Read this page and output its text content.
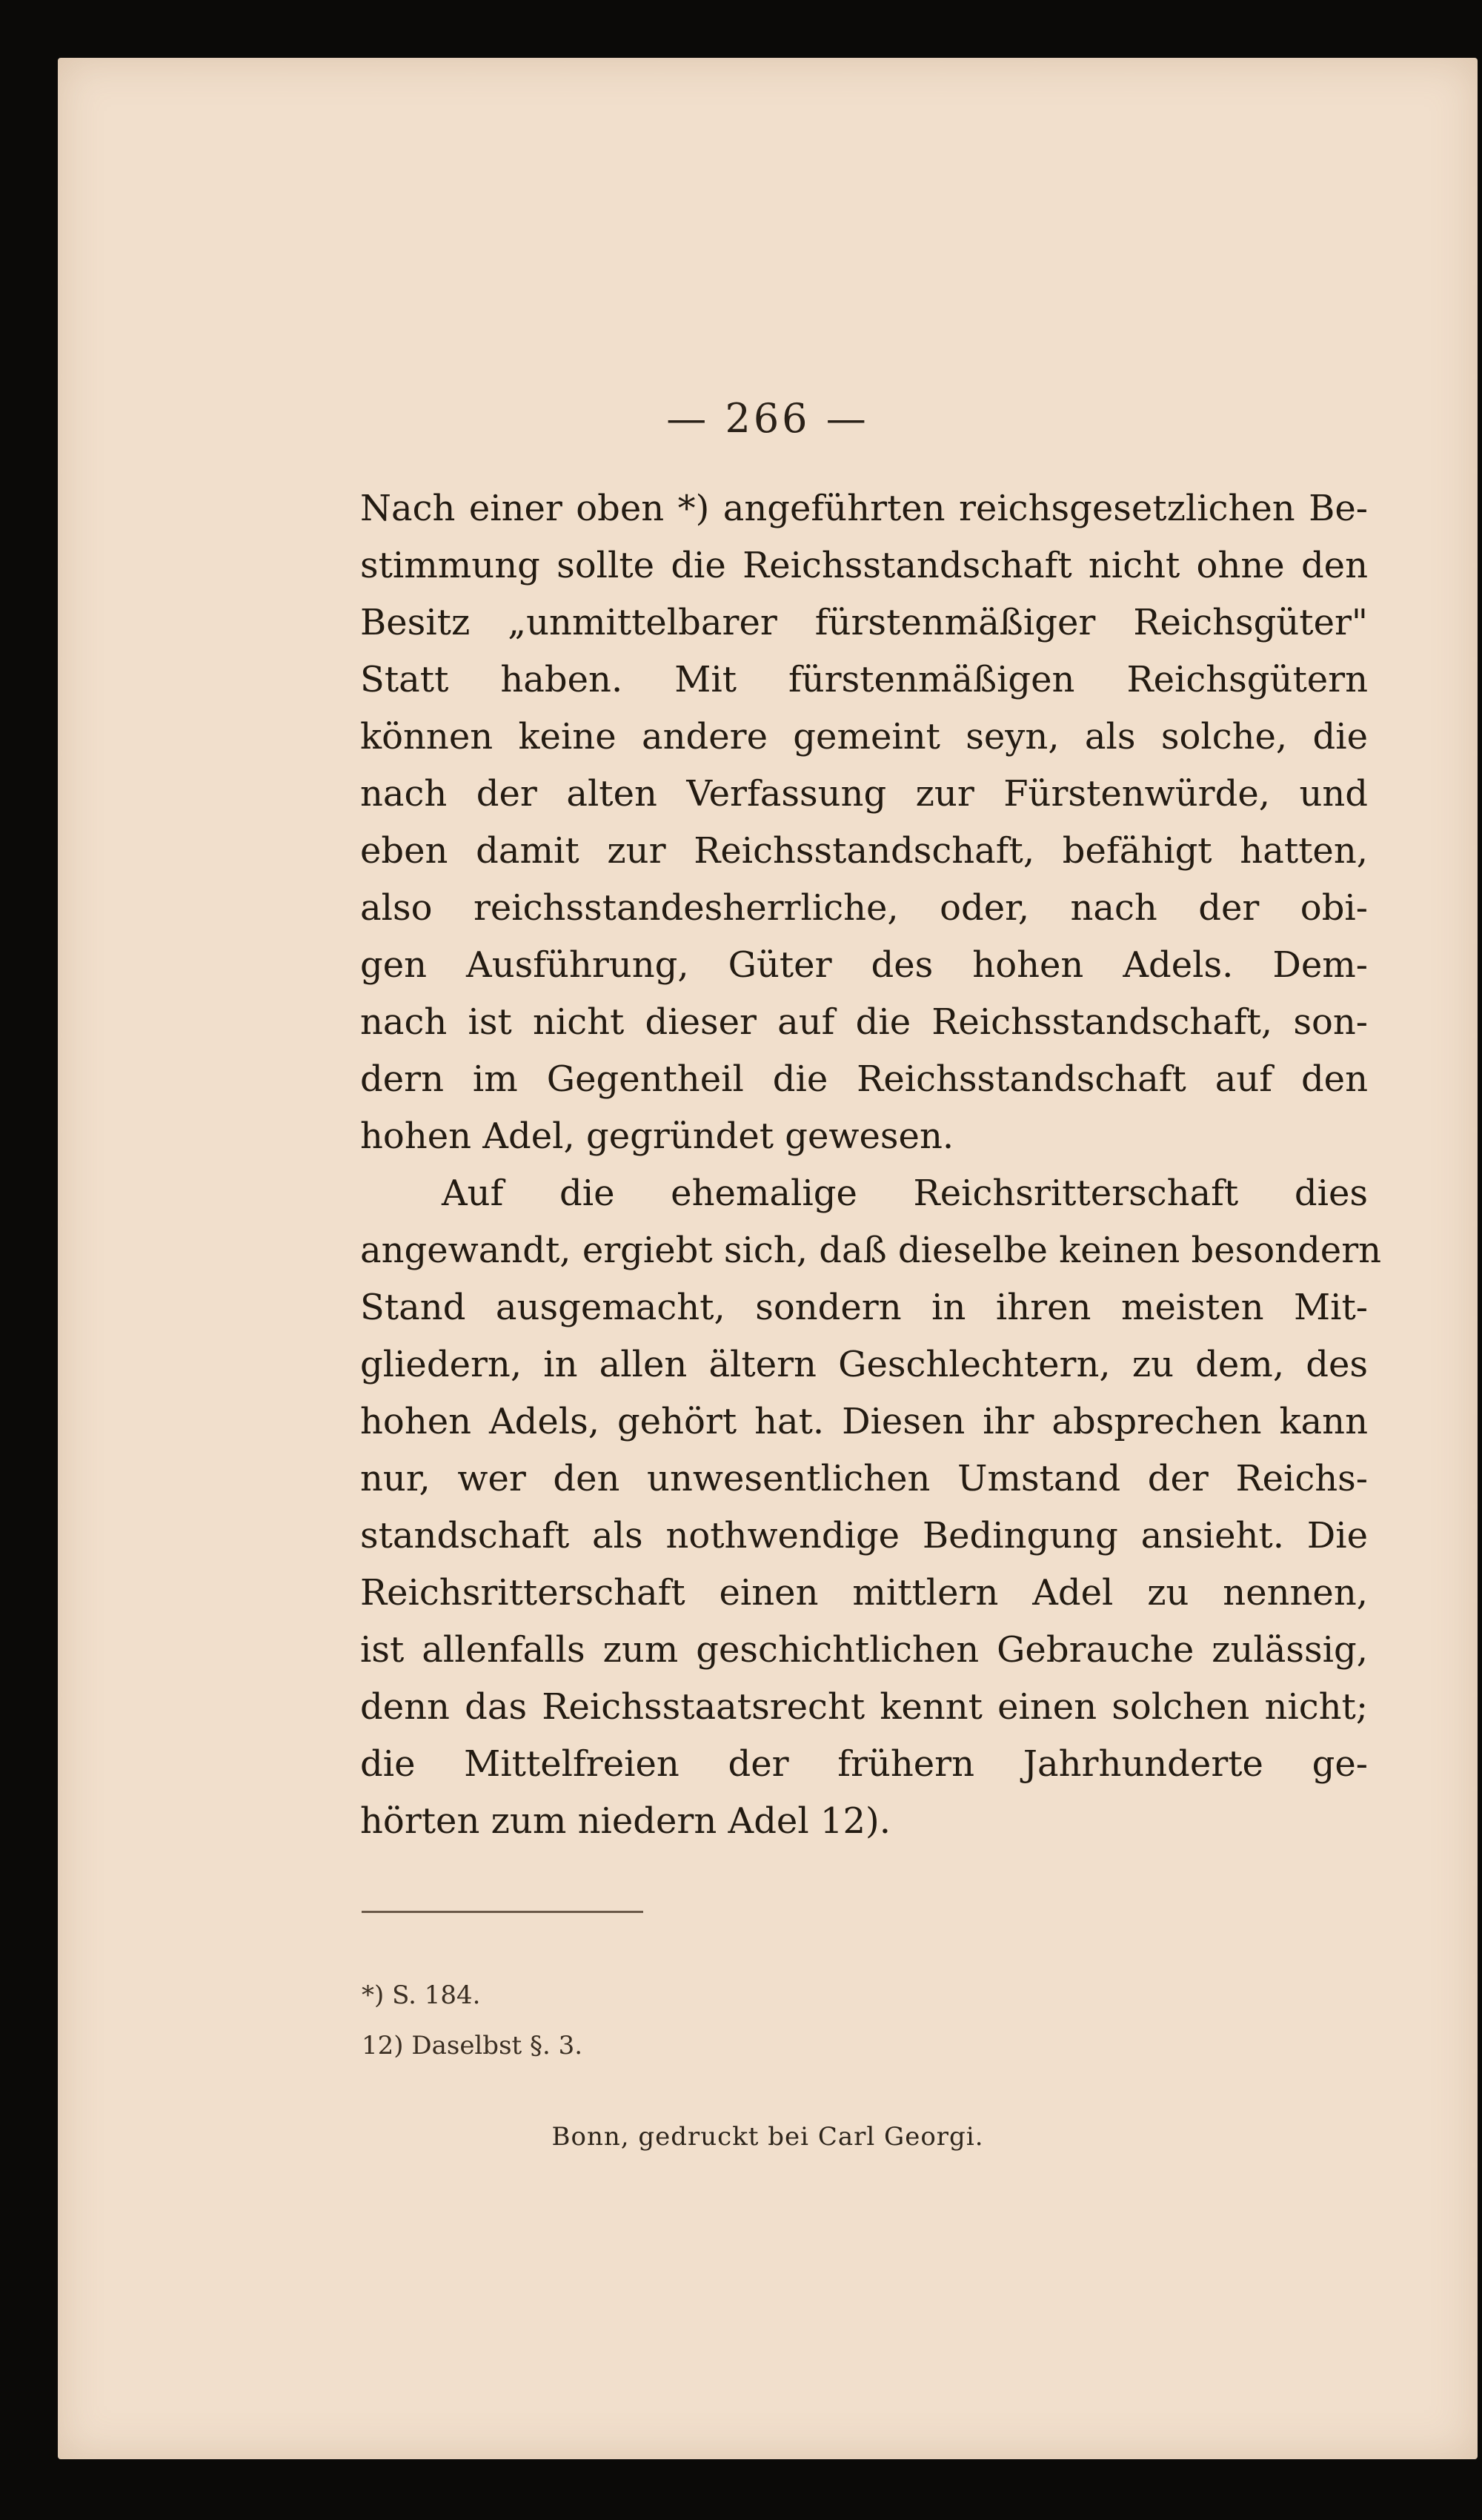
— 266 —
Nach einer oben *) angeführten reichsgesetzlichen Be-
stimmung sollte die Reichsstandschaft nicht ohne den
Besitz „unmittelbarer fürstenmäßiger Reichsgüter"
Statt haben. Mit fürstenmäßigen Reichsgütern
können keine andere gemeint seyn, als solche, die
nach der alten Verfassung zur Fürstenwürde, und
eben damit zur Reichsstandschaft, befähigt hatten,
also reichsstandesherrliche, oder, nach der obi-
gen Ausführung, Güter des hohen Adels. Dem-
nach ist nicht dieser auf die Reichsstandschaft, son-
dern im Gegentheil die Reichsstandschaft auf den
hohen Adel, gegründet gewesen.
Auf die ehemalige Reichsritterschaft dies
angewandt, ergiebt sich, daß dieselbe keinen besondern
Stand ausgemacht, sondern in ihren meisten Mit-
gliedern, in allen ältern Geschlechtern, zu dem, des
hohen Adels, gehört hat. Diesen ihr absprechen kann
nur, wer den unwesentlichen Umstand der Reichs-
standschaft als nothwendige Bedingung ansieht. Die
Reichsritterschaft einen mittlern Adel zu nennen,
ist allenfalls zum geschichtlichen Gebrauche zulässig,
denn das Reichsstaatsrecht kennt einen solchen nicht;
die Mittelfreien der frühern Jahrhunderte ge-
hörten zum niedern Adel 12).
*) S. 184.
12) Daselbst §. 3.
Bonn, gedruckt bei Carl Georgi.
